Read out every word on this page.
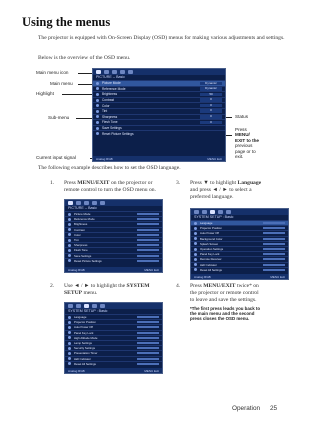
Using the menus
The projector is equipped with On-Screen Display (OSD) menus for making various adjustments and settings.
Below is the overview of the OSD menu.
Main menu icon
Main menu
Highlight
Sub-menu
Current input signal
PICTURE -- Basic
Picture Mode	Dynamic
Reference Mode	Dynamic
Brightness	50
Contrast	0
Color	0
Tint	0
Sharpness	0
Flesh Tone	0
Save Settings
Reset Picture Settings
Analog RGB	MENU Exit
Status
Press
MENU/
EXIT to the
previous
page or to
exit.
The following example describes how to set the OSD language.
1. Press MENU/EXIT on the projector or
remote control to turn the OSD menu on.
PICTURE -- Basic
Picture Mode
Reference Mode
Brightness
Contrast
Color
Tint
Sharpness
Flesh Tone
Save Settings
Reset Picture Settings
Analog RGB	MENU Exit
3. Press ▼ to highlight Language
and press ◄ / ► to select a
preferred language.
SYSTEM SETUP : Basic
Language
Projector Position
Auto Power Off
Background Color
Splash Screen
Operation Settings
Panel Key Lock
Remote Receiver
LED Indicator
Reset All Settings
Analog RGB	MENU Exit
2. Use ◄ / ► to highlight the SYSTEM
SETUP menu.
SYSTEM SETUP : Basic
Language
Projector Position
Auto Power Off
Panel Key Lock
High Altitude Mode
Lamp Settings
Security Settings
Presentation Timer
LED Indicator
Reset All Settings
Analog RGB	MENU Exit
4. Press MENU/EXIT twice* on
the projector or remote control
to leave and save the settings.
*The first press leads you back to
the main menu and the second
press closes the OSD menu.
Operation 25
